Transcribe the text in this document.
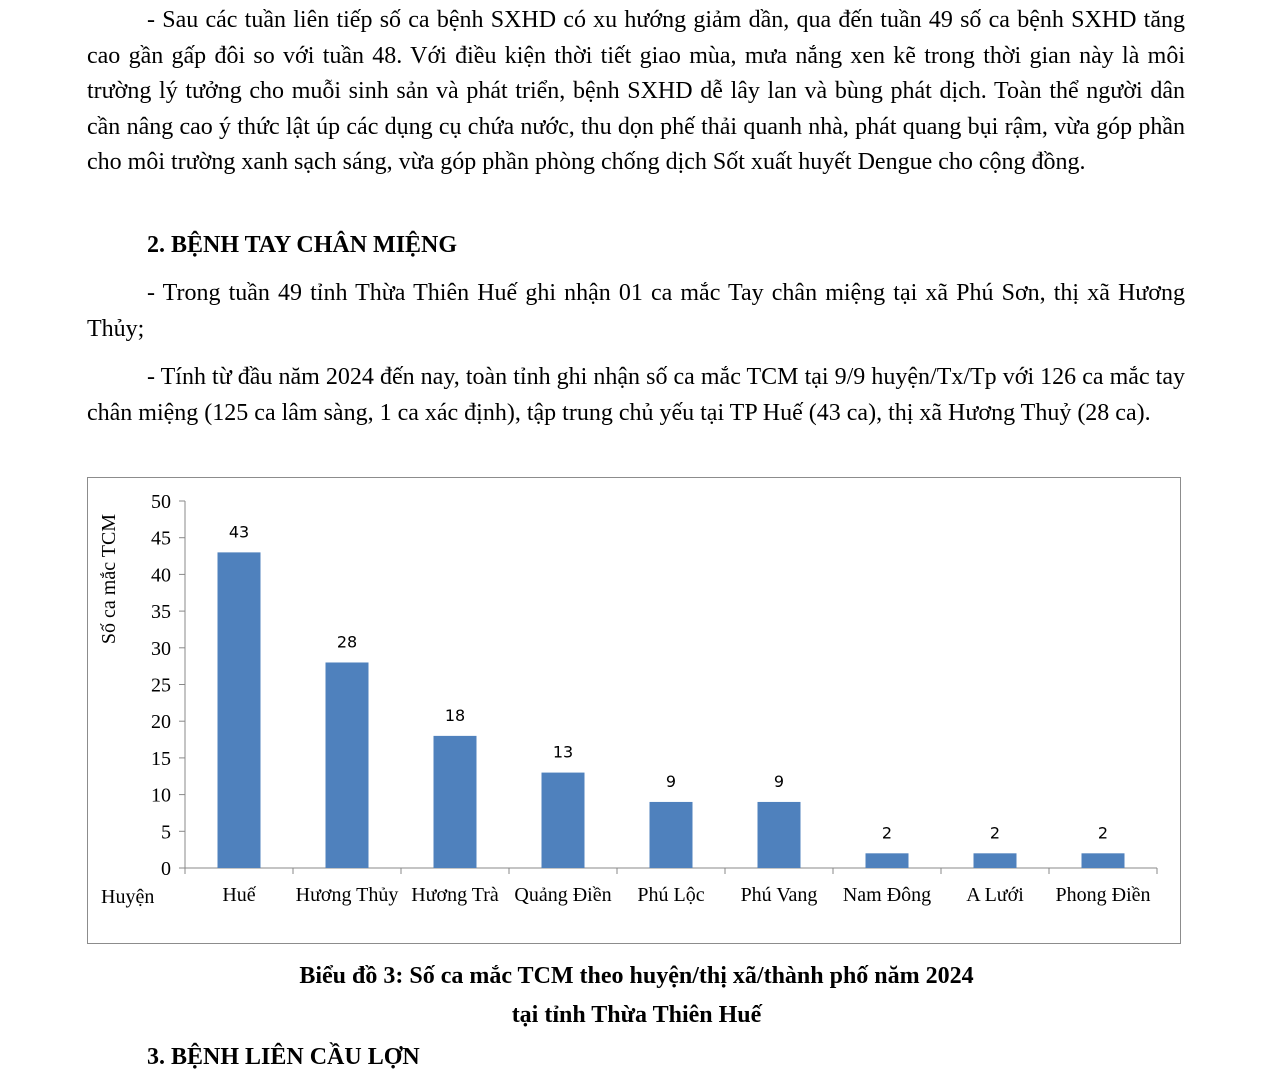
- Sau các tuần liên tiếp số ca bệnh SXHD có xu hướng giảm dần, qua đến tuần 49 số ca bệnh SXHD tăng cao gần gấp đôi so với tuần 48. Với điều kiện thời tiết giao mùa, mưa nắng xen kẽ trong thời gian này là môi trường lý tưởng cho muỗi sinh sản và phát triển, bệnh SXHD dễ lây lan và bùng phát dịch. Toàn thể người dân cần nâng cao ý thức lật úp các dụng cụ chứa nước, thu dọn phế thải quanh nhà, phát quang bụi rậm, vừa góp phần cho môi trường xanh sạch sáng, vừa góp phần phòng chống dịch Sốt xuất huyết Dengue cho cộng đồng.

2. BỆNH TAY CHÂN MIỆNG

- Trong tuần 49 tỉnh Thừa Thiên Huế ghi nhận 01 ca mắc Tay chân miệng tại xã Phú Sơn, thị xã Hương Thủy;

- Tính từ đầu năm 2024 đến nay, toàn tỉnh ghi nhận số ca mắc TCM tại 9/9 huyện/Tx/Tp với 126 ca mắc tay chân miệng (125 ca lâm sàng, 1 ca xác định), tập trung chủ yếu tại TP Huế (43 ca), thị xã Hương Thuỷ (28 ca).

0
5
10
15
20
25
30
35
40
45
50
43
Huế
28
Hương Thủy
18
Hương Trà
13
Quảng Điền
9
Phú Lộc
9
Phú Vang
2
Nam Đông
2
A Lưới
2
Phong Điền
Huyện
Số ca mắc TCM

Biểu đồ 3: Số ca mắc TCM theo huyện/thị xã/thành phố năm 2024

tại tỉnh Thừa Thiên Huế

3. BỆNH LIÊN CẦU LỢN
